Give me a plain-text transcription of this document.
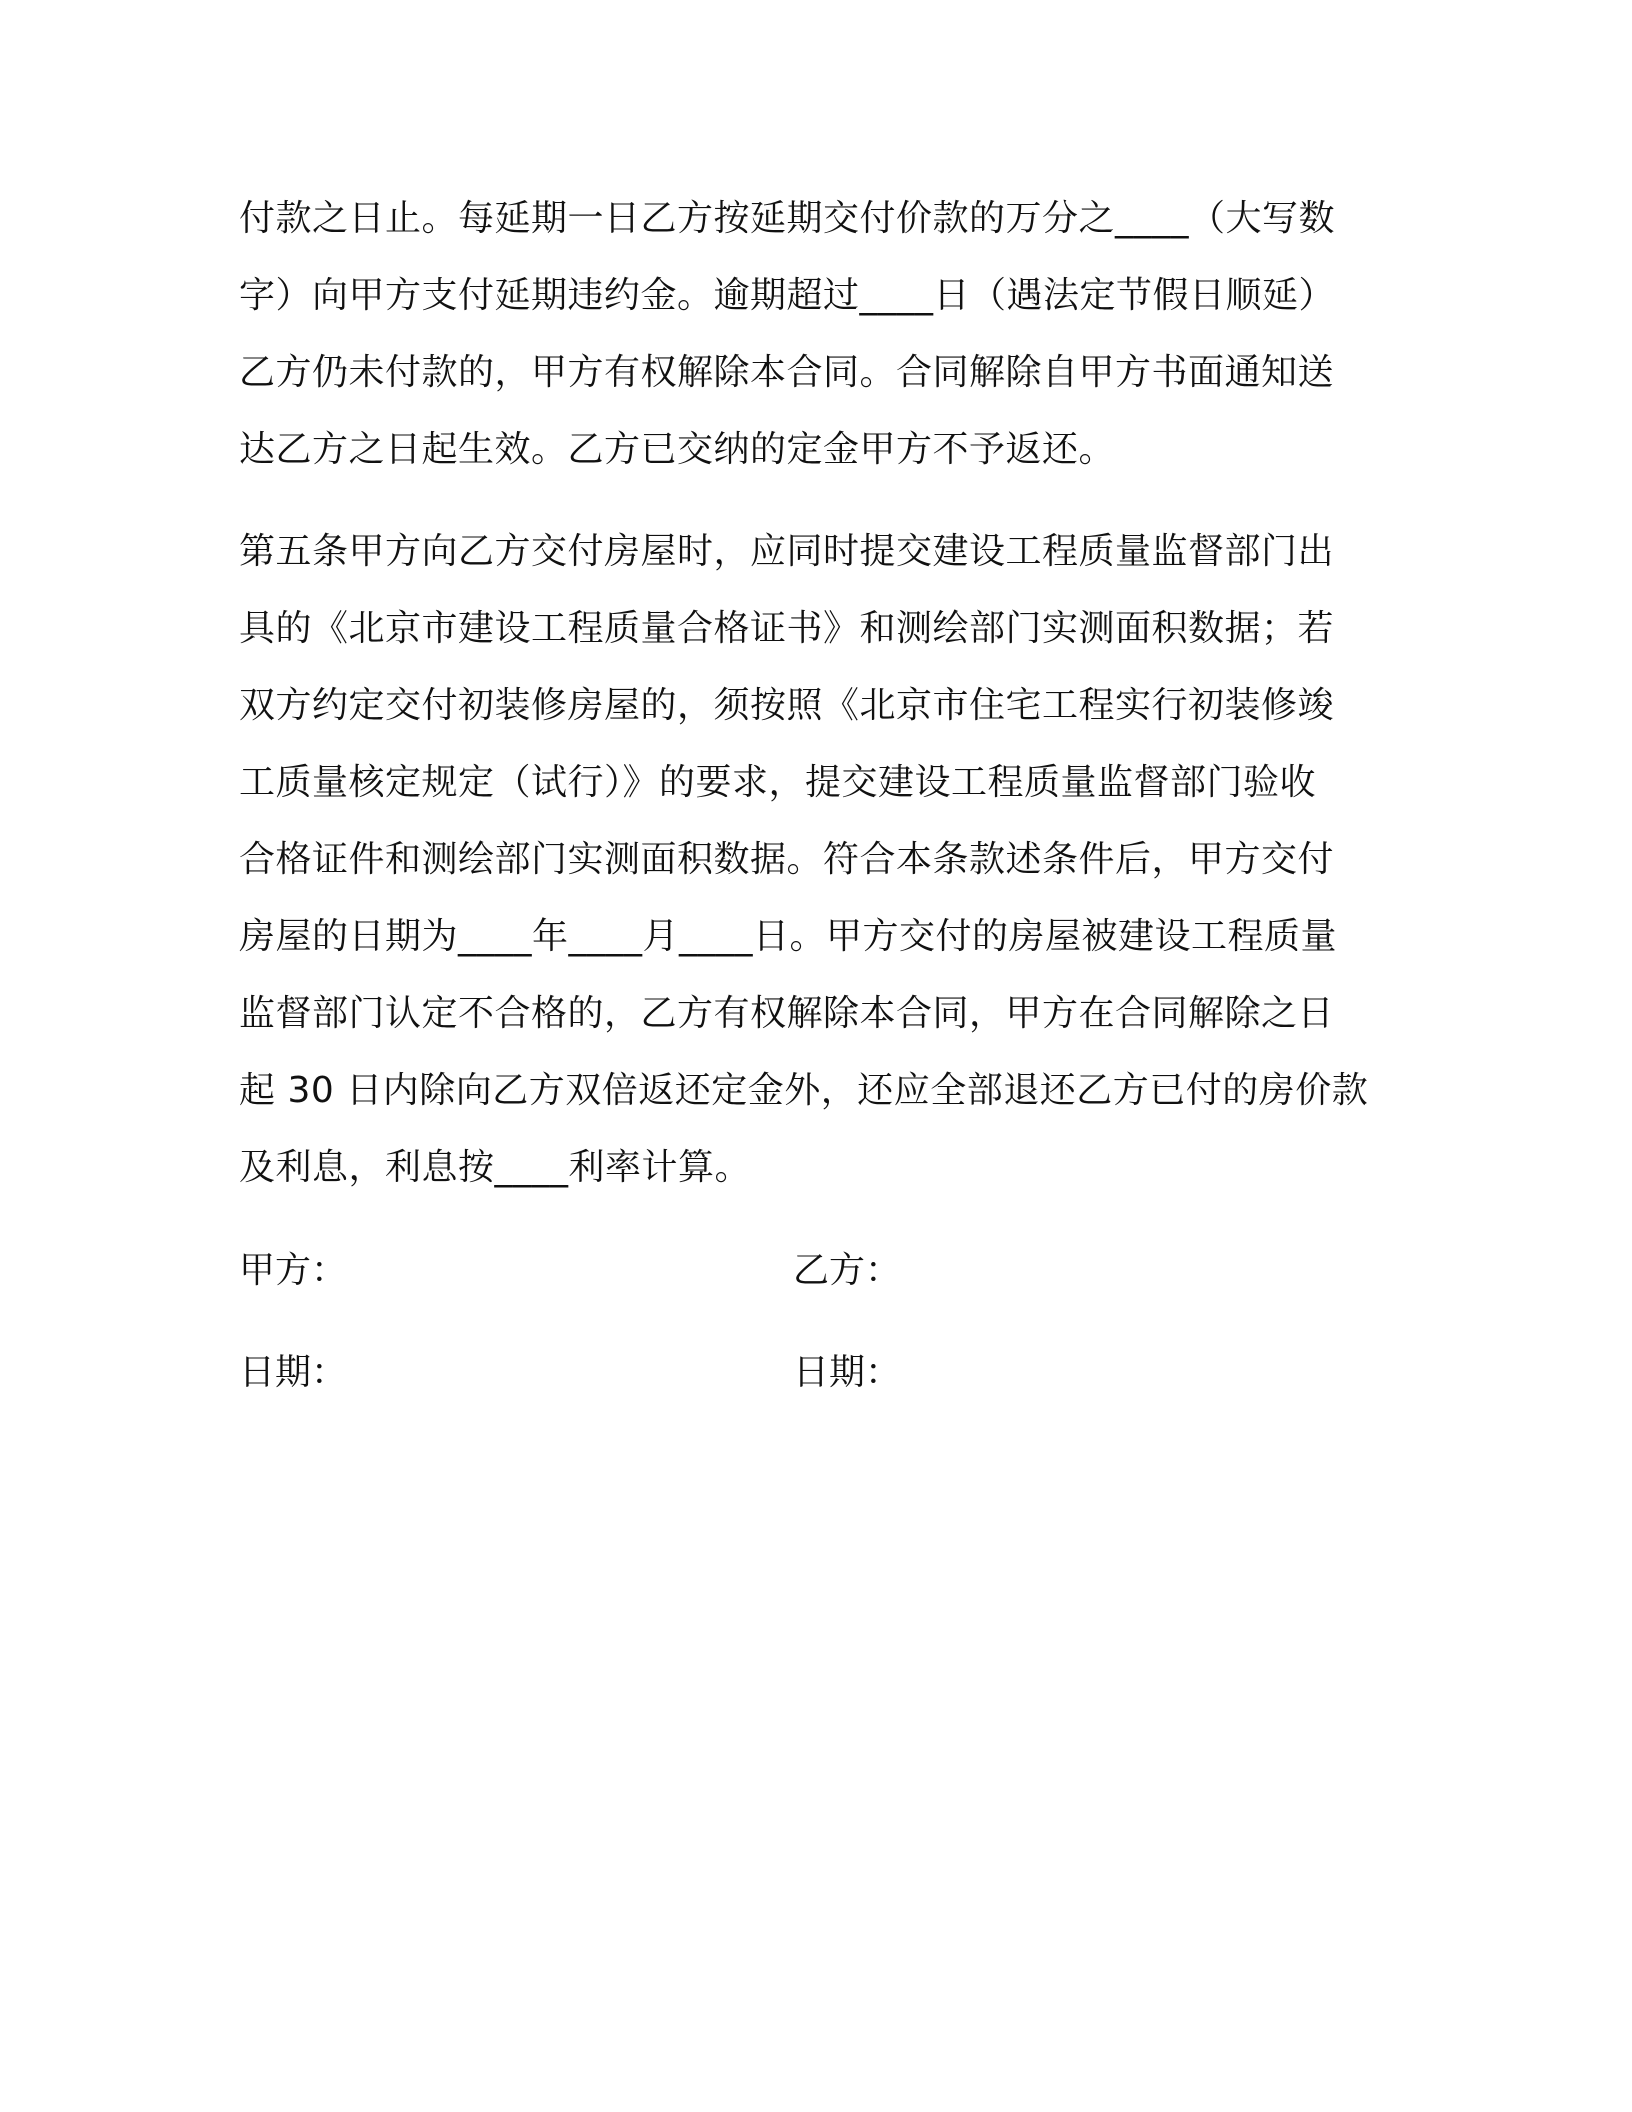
付款之日止。每延期一日乙方按延期交付价款的万分之____（大写数
字）向甲方支付延期违约金。逾期超过____日（遇法定节假日顺延）
乙方仍未付款的，甲方有权解除本合同。合同解除自甲方书面通知送
达乙方之日起生效。乙方已交纳的定金甲方不予返还。
第五条甲方向乙方交付房屋时，应同时提交建设工程质量监督部门出
具的《北京市建设工程质量合格证书》和测绘部门实测面积数据；若
双方约定交付初装修房屋的，须按照《北京市住宅工程实行初装修竣
工质量核定规定（试行）》的要求，提交建设工程质量监督部门验收
合格证件和测绘部门实测面积数据。符合本条款述条件后，甲方交付
房屋的日期为____年____月____日。甲方交付的房屋被建设工程质量
监督部门认定不合格的，乙方有权解除本合同，甲方在合同解除之日
起 30 日内除向乙方双倍返还定金外，还应全部退还乙方已付的房价款
及利息，利息按____利率计算。
甲方：	乙方：
日期：	日期：
